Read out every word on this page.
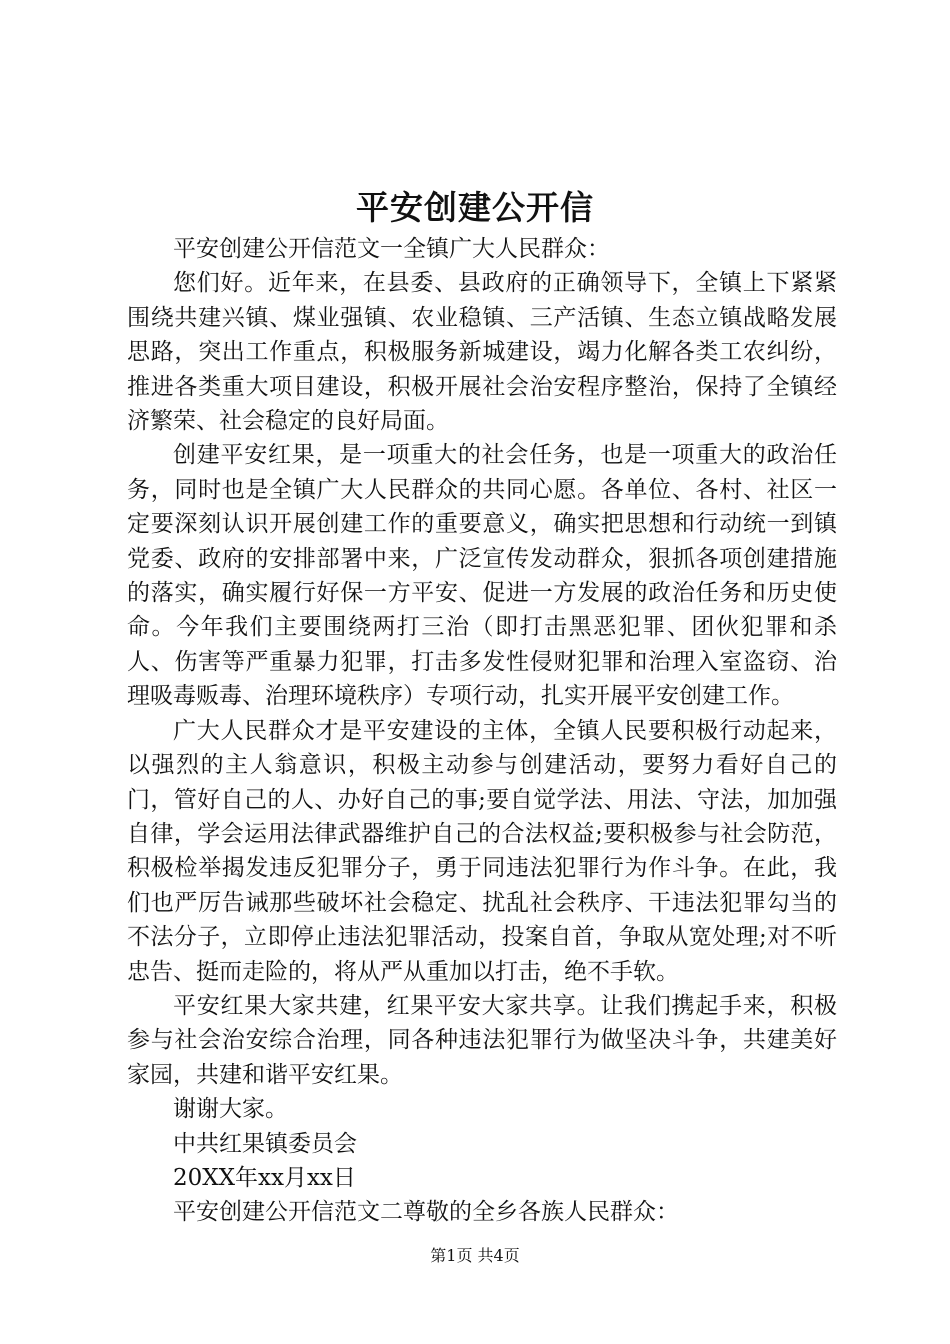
平安创建公开信

平安创建公开信范文一全镇广大人民群众：

您们好。近年来，在县委、县政府的正确领导下，全镇上下紧紧围绕共建兴镇、煤业强镇、农业稳镇、三产活镇、生态立镇战略发展思路，突出工作重点，积极服务新城建设，竭力化解各类工农纠纷，推进各类重大项目建设，积极开展社会治安程序整治，保持了全镇经济繁荣、社会稳定的良好局面。

创建平安红果，是一项重大的社会任务，也是一项重大的政治任务，同时也是全镇广大人民群众的共同心愿。各单位、各村、社区一定要深刻认识开展创建工作的重要意义，确实把思想和行动统一到镇党委、政府的安排部署中来，广泛宣传发动群众，狠抓各项创建措施的落实，确实履行好保一方平安、促进一方发展的政治任务和历史使命。今年我们主要围绕两打三治（即打击黑恶犯罪、团伙犯罪和杀人、伤害等严重暴力犯罪，打击多发性侵财犯罪和治理入室盗窃、治理吸毒贩毒、治理环境秩序）专项行动，扎实开展平安创建工作。

广大人民群众才是平安建设的主体，全镇人民要积极行动起来，以强烈的主人翁意识，积极主动参与创建活动，要努力看好自己的门，管好自己的人、办好自己的事;要自觉学法、用法、守法，加加强自律，学会运用法律武器维护自己的合法权益;要积极参与社会防范，积极检举揭发违反犯罪分子，勇于同违法犯罪行为作斗争。在此，我们也严厉告诫那些破坏社会稳定、扰乱社会秩序、干违法犯罪勾当的不法分子，立即停止违法犯罪活动，投案自首，争取从宽处理;对不听忠告、挺而走险的，将从严从重加以打击，绝不手软。

平安红果大家共建，红果平安大家共享。让我们携起手来，积极参与社会治安综合治理，同各种违法犯罪行为做坚决斗争，共建美好家园，共建和谐平安红果。

谢谢大家。

中共红果镇委员会

20XX年xx月xx日

平安创建公开信范文二尊敬的全乡各族人民群众：

第1页 共4页
